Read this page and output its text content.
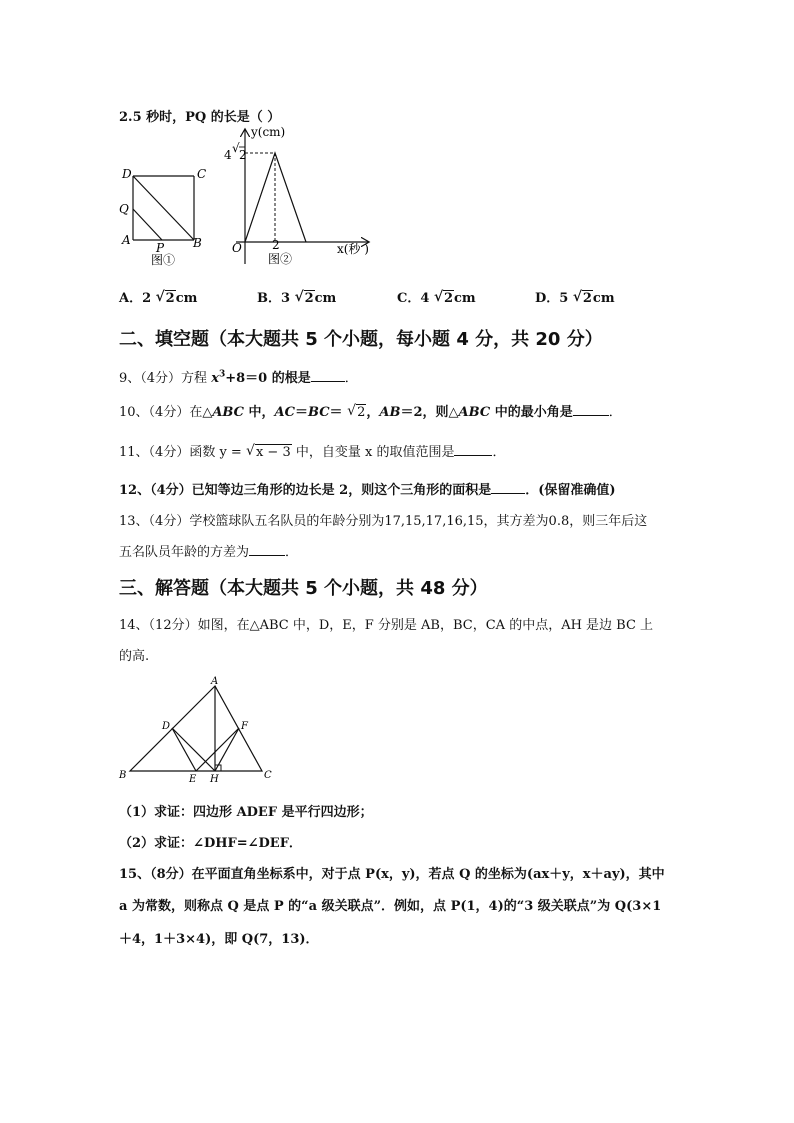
2.5 秒时，PQ 的长是（ ）
D	C
Q
A
P B
图①
y(cm)
4 √ 2
O	2	x(秒 )
图②
A．2 √ 2cm	B．3 √ 2cm	C．4 √ 2cm	D．5 √ 2cm
二、填空题（本大题共 5 个小题，每小题 4 分，共 20 分）
9、（4分）方程 $x^3+8=0$ 的根是	．
10、（4分）在△ABC 中，AC＝BC＝ √ 2，AB＝2，则△ABC 中的最小角是	．
11、（4分）函数 y = √ x − 3 中，自变量 x 的取值范围是	．
12、（4分）已知等边三角形的边长是 2，则这个三角形的面积是	．(保留准确值)
13、（4分）学校篮球队五名队员的年龄分别为17,15,17,16,15，其方差为0.8，则三年后这
五名队员年龄的方差为	．
三、解答题（本大题共 5 个小题，共 48 分）
14、（12分）如图，在△ABC 中，D，E，F 分别是 AB，BC，CA 的中点，AH 是边 BC 上
的高.
A
D	F
B	E H	C
（1）求证：四边形 ADEF 是平行四边形；
（2）求证：∠DHF=∠DEF．
15、（8分）在平面直角坐标系中，对于点 P(x，y)，若点 Q 的坐标为(ax＋y，x＋ay)，其中
a 为常数，则称点 Q 是点 P 的“a 级关联点”．例如，点 P(1，4)的“3 级关联点”为 Q(3×1
＋4，1＋3×4)，即 Q(7，13)．
